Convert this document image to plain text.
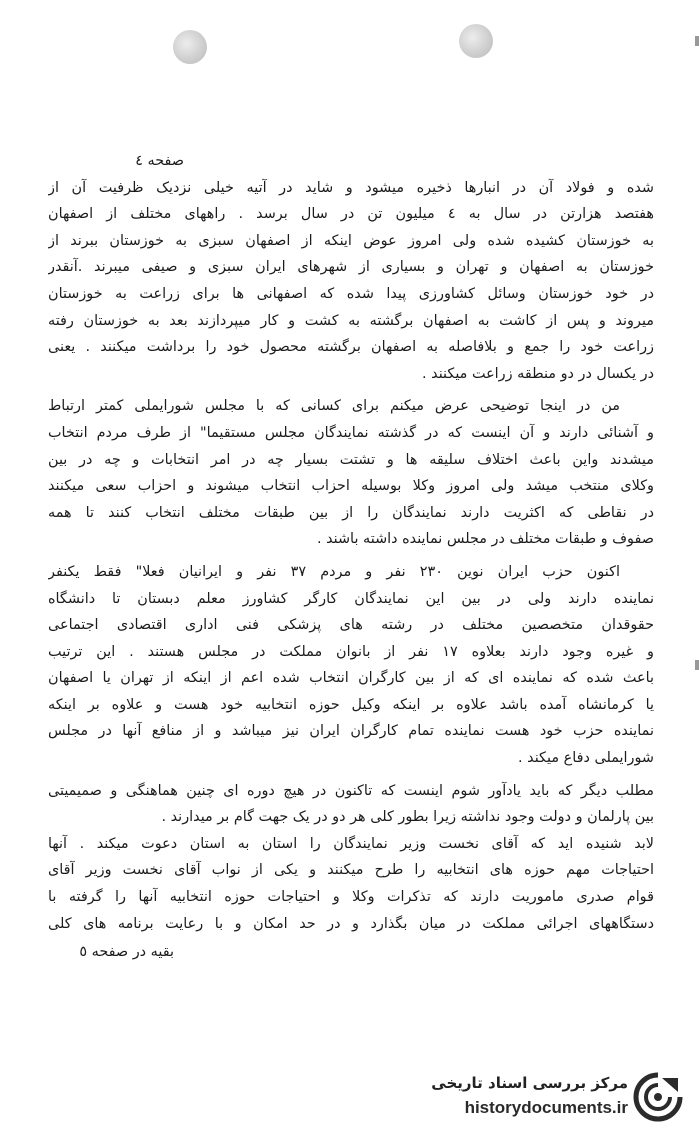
صفحه ٤
شده و فولاد آن در انبارها ذخیره میشود و شاید در آتیه خیلی نزدیک ظرفیت آن از
هفتصد هزارتن در سال به ٤ میلیون تن در سال برسد . راههای مختلف از اصفهان
به خوزستان کشیده شده ولی امروز عوض اینکه از اصفهان سبزی به خوزستان ببرند از
خوزستان به اصفهان و تهران و بسیاری از شهرهای ایران سبزی و صیفی میبرند .آنقدر
در خود خوزستان وسائل کشاورزی پیدا شده که اصفهانی ها برای زراعت به خوزستان
میروند و پس از کاشت به اصفهان برگشته به کشت و کار میپردازند بعد به خوزستان رفته
زراعت خود را جمع و بلافاصله به اصفهان برگشته محصول خود را برداشت میکنند . یعنی
در یکسال در دو منطقه زراعت میکنند .
من در اینجا توضیحی عرض میکنم برای کسانی که با مجلس شورایملی کمتر ارتباط
و آشنائی دارند و آن اینست که در گذشته نمایندگان مجلس مستقیما" از طرف مردم انتخاب
میشدند واین باعث اختلاف سلیقه ها و تشتت بسیار چه در امر انتخابات و چه در بین
وکلای منتخب میشد ولی امروز وکلا بوسیله احزاب انتخاب میشوند و احزاب سعی میکنند
در نقاطی که اکثریت دارند نمایندگان را از بین طبقات مختلف انتخاب کنند تا همه
صفوف و طبقات مختلف در مجلس نماینده داشته باشند .
اکنون حزب ایران نوین ٢٣٠ نفر و مردم ٣٧ نفر و ایرانیان فعلا" فقط یکنفر
نماینده دارند ولی در بین این نمایندگان کارگر کشاورز معلم دبستان تا دانشگاه
حقوقدان متخصصین مختلف در رشته های پزشکی فنی اداری اقتصادی اجتماعی
و غیره وجود دارند بعلاوه ١٧ نفر از بانوان مملکت در مجلس هستند . این ترتیب
باعث شده که نماینده ای که از بین کارگران انتخاب شده اعم از اینکه از تهران یا اصفهان
یا کرمانشاه آمده باشد علاوه بر اینکه وکیل حوزه انتخابیه خود هست و علاوه بر اینکه
نماینده حزب خود هست نماینده تمام کارگران ایران نیز میباشد و از منافع آنها در مجلس
شورایملی دفاع میکند .
مطلب دیگر که باید یادآور شوم اینست که تاکنون در هیچ دوره ای چنین هماهنگی و صمیمیتی
بین پارلمان و دولت وجود نداشته زیرا بطور کلی هر دو در یک جهت گام بر میدارند .
لابد شنیده اید که آقای نخست وزیر نمایندگان را استان به استان دعوت میکند . آنها
احتیاجات مهم حوزه های انتخابیه را طرح میکنند و یکی از نواب آقای نخست وزیر آقای
قوام صدری ماموریت دارند که تذکرات وکلا و احتیاجات حوزه انتخابیه آنها را گرفته با
دستگاههای اجرائی مملکت در میان بگذارد و در حد امکان و با رعایت برنامه های کلی
بقیه در صفحه ٥
مرکز بررسی اسناد تاریخی
historydocuments.ir
